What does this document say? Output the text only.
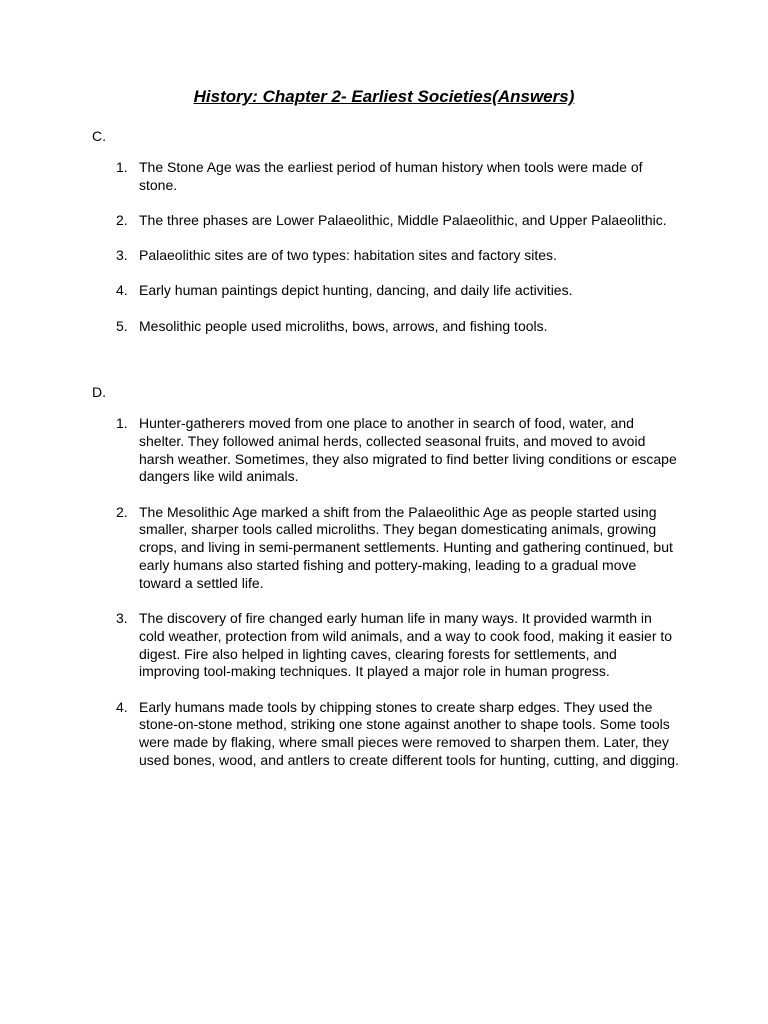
History: Chapter 2- Earliest Societies(Answers)
C.
1. The Stone Age was the earliest period of human history when tools were made of stone.
2. The three phases are Lower Palaeolithic, Middle Palaeolithic, and Upper Palaeolithic.
3. Palaeolithic sites are of two types: habitation sites and factory sites.
4. Early human paintings depict hunting, dancing, and daily life activities.
5. Mesolithic people used microliths, bows, arrows, and fishing tools.
D.
1. Hunter-gatherers moved from one place to another in search of food, water, and shelter. They followed animal herds, collected seasonal fruits, and moved to avoid harsh weather. Sometimes, they also migrated to find better living conditions or escape dangers like wild animals.
2. The Mesolithic Age marked a shift from the Palaeolithic Age as people started using smaller, sharper tools called microliths. They began domesticating animals, growing crops, and living in semi-permanent settlements. Hunting and gathering continued, but early humans also started fishing and pottery-making, leading to a gradual move toward a settled life.
3. The discovery of fire changed early human life in many ways. It provided warmth in cold weather, protection from wild animals, and a way to cook food, making it easier to digest. Fire also helped in lighting caves, clearing forests for settlements, and improving tool-making techniques. It played a major role in human progress.
4. Early humans made tools by chipping stones to create sharp edges. They used the stone-on-stone method, striking one stone against another to shape tools. Some tools were made by flaking, where small pieces were removed to sharpen them. Later, they used bones, wood, and antlers to create different tools for hunting, cutting, and digging.
